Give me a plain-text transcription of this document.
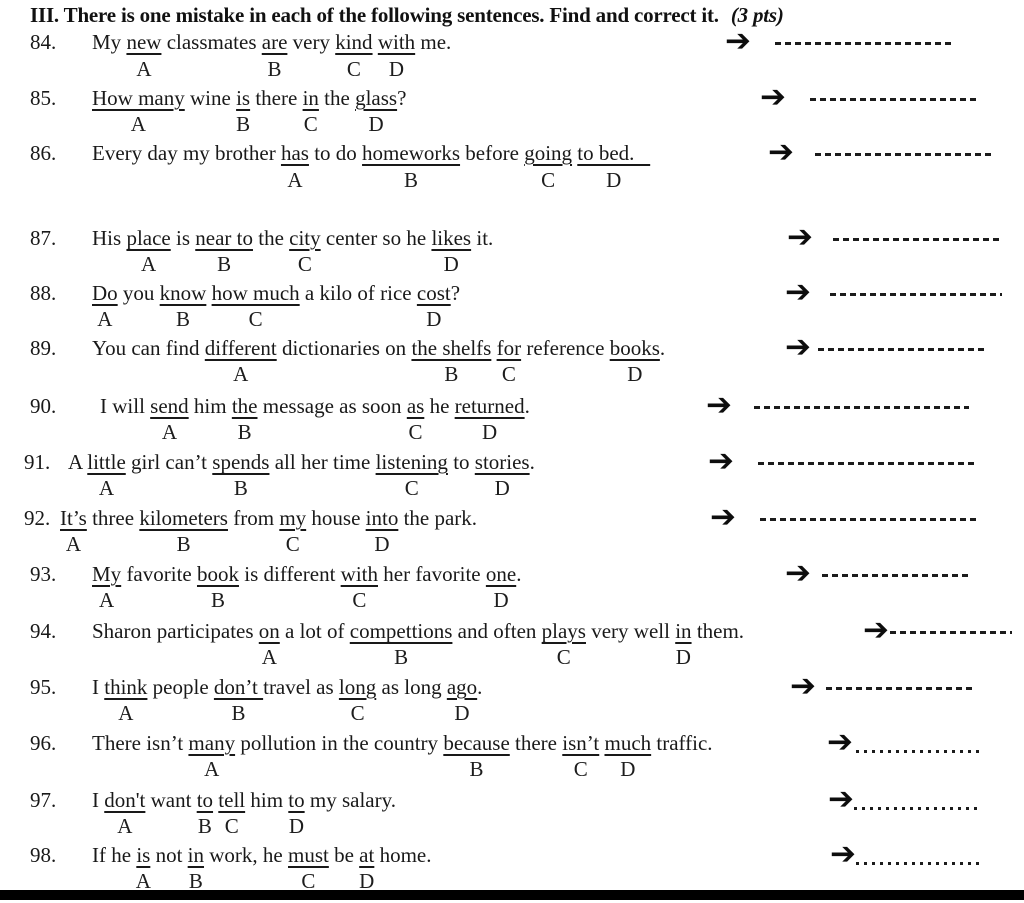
III. There is one mistake in each of the following sentences. Find and correct it. (3 pts)
84. My new classmates are very kind with me.
A	B	C D
➔
85. How many wine is there in the glass?
A	B	C D
➔
86. Every day my brother has to do homeworks before going to bed.
A	B	C D
➔
87. His place is near to the city center so he likes it.
A	B	C	D
➔
88. Do you know how much a kilo of rice cost?
A	B	C	D
➔
89. You can find different dictionaries on the shelfs for reference books.
A	B C	D
➔
90. I will send him the message as soon as he returned.
A	B	C	D
➔
91. A little girl can’t spends all her time listening to stories.
A	B	C	D
➔
92. It’s three kilometers from my house into the park.
A	B	C	D
➔
93. My favorite book is different with her favorite one.
A	B	C	D
➔
94. Sharon participates on a lot of compettions and often plays very well in them.
A	B	C	D
➔
95. I think people don’t travel as long as long ago.
A	B	C	D
➔
96. There isn’t many pollution in the country because there isn’t much traffic.
A	B	C D
➔
97. I don't want to tell him to my salary.
A	B C D
➔
98. If he is not in work, he must be at home.
A B	C D
➔
